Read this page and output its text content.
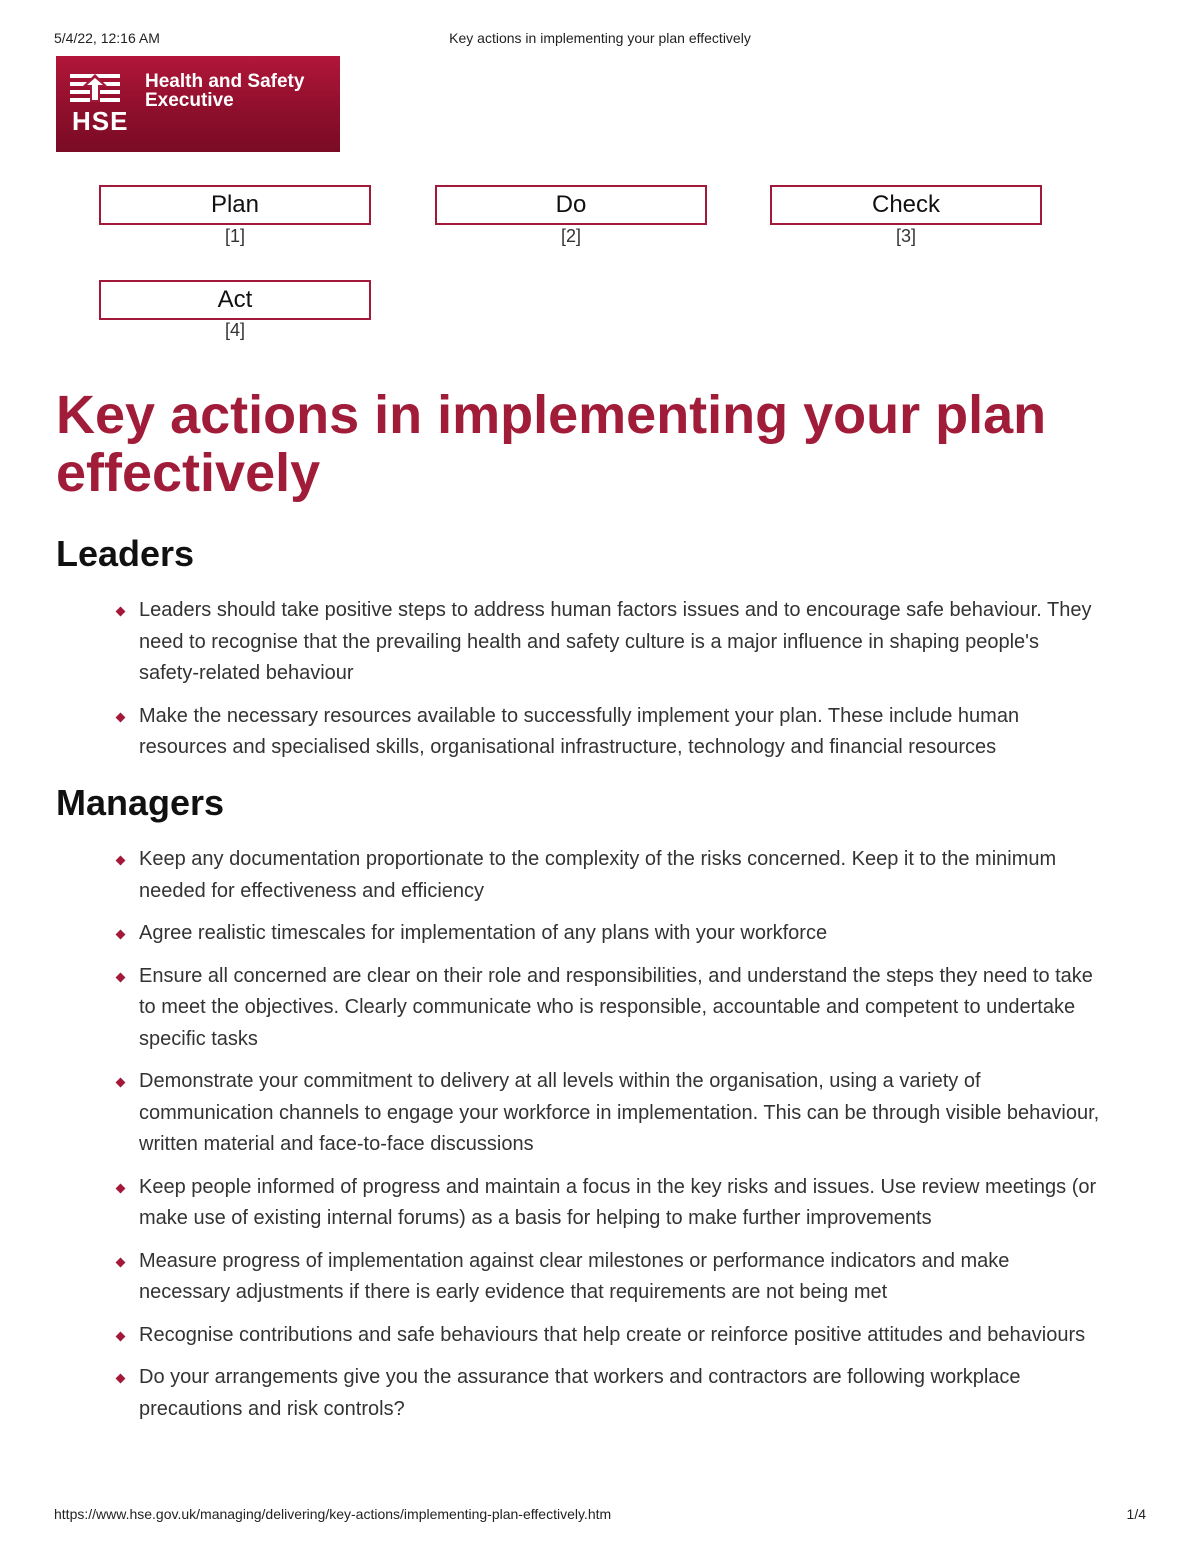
5/4/22, 12:16 AM	Key actions in implementing your plan effectively
HSE
Health and Safety
Executive
Plan
[1]
Do
[2]
Check
[3]
Act
[4]
Key actions in implementing your plan effectively
Leaders
Leaders should take positive steps to address human factors issues and to encourage safe behaviour. They need to recognise that the prevailing health and safety culture is a major influence in shaping people's safety-related behaviour
Make the necessary resources available to successfully implement your plan. These include human resources and specialised skills, organisational infrastructure, technology and financial resources
Managers
Keep any documentation proportionate to the complexity of the risks concerned. Keep it to the minimum needed for effectiveness and efficiency
Agree realistic timescales for implementation of any plans with your workforce
Ensure all concerned are clear on their role and responsibilities, and understand the steps they need to take to meet the objectives. Clearly communicate who is responsible, accountable and competent to undertake specific tasks
Demonstrate your commitment to delivery at all levels within the organisation, using a variety of communication channels to engage your workforce in implementation. This can be through visible behaviour, written material and face-to-face discussions
Keep people informed of progress and maintain a focus in the key risks and issues. Use review meetings (or make use of existing internal forums) as a basis for helping to make further improvements
Measure progress of implementation against clear milestones or performance indicators and make necessary adjustments if there is early evidence that requirements are not being met
Recognise contributions and safe behaviours that help create or reinforce positive attitudes and behaviours
Do your arrangements give you the assurance that workers and contractors are following workplace precautions and risk controls?
https://www.hse.gov.uk/managing/delivering/key-actions/implementing-plan-effectively.htm	1/4
